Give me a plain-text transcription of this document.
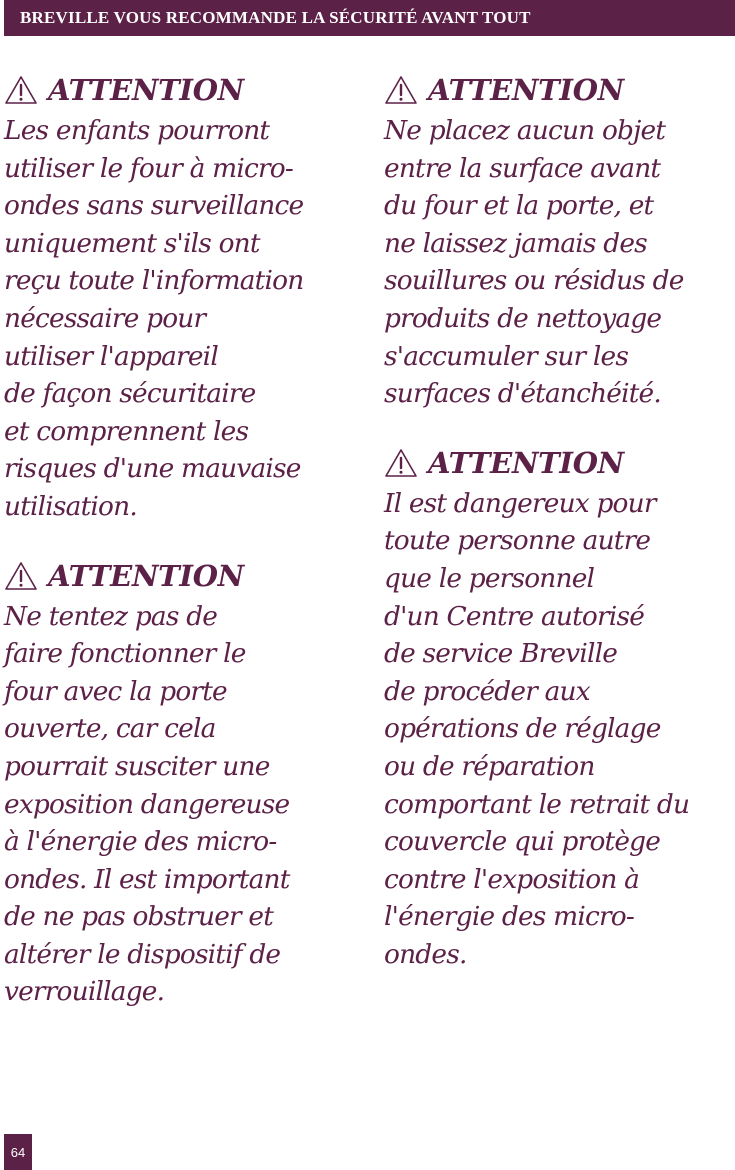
BREVILLE VOUS RECOMMANDE LA SÉCURITÉ AVANT TOUT
ATTENTION
Les enfants pourront
utiliser le four à micro-
ondes sans surveillance
uniquement s'ils ont
reçu toute l'information
nécessaire pour
utiliser l'appareil
de façon sécuritaire
et comprennent les
risques d'une mauvaise
utilisation.
ATTENTION
Ne tentez pas de
faire fonctionner le
four avec la porte
ouverte, car cela
pourrait susciter une
exposition dangereuse
à l'énergie des micro-
ondes. Il est important
de ne pas obstruer et
altérer le dispositif de
verrouillage.
ATTENTION
Ne placez aucun objet
entre la surface avant
du four et la porte, et
ne laissez jamais des
souillures ou résidus de
produits de nettoyage
s'accumuler sur les
surfaces d'étanchéité.
ATTENTION
Il est dangereux pour
toute personne autre
que le personnel
d'un Centre autorisé
de service Breville
de procéder aux
opérations de réglage
ou de réparation
comportant le retrait du
couvercle qui protège
contre l'exposition à
l'énergie des micro-
ondes.
64
